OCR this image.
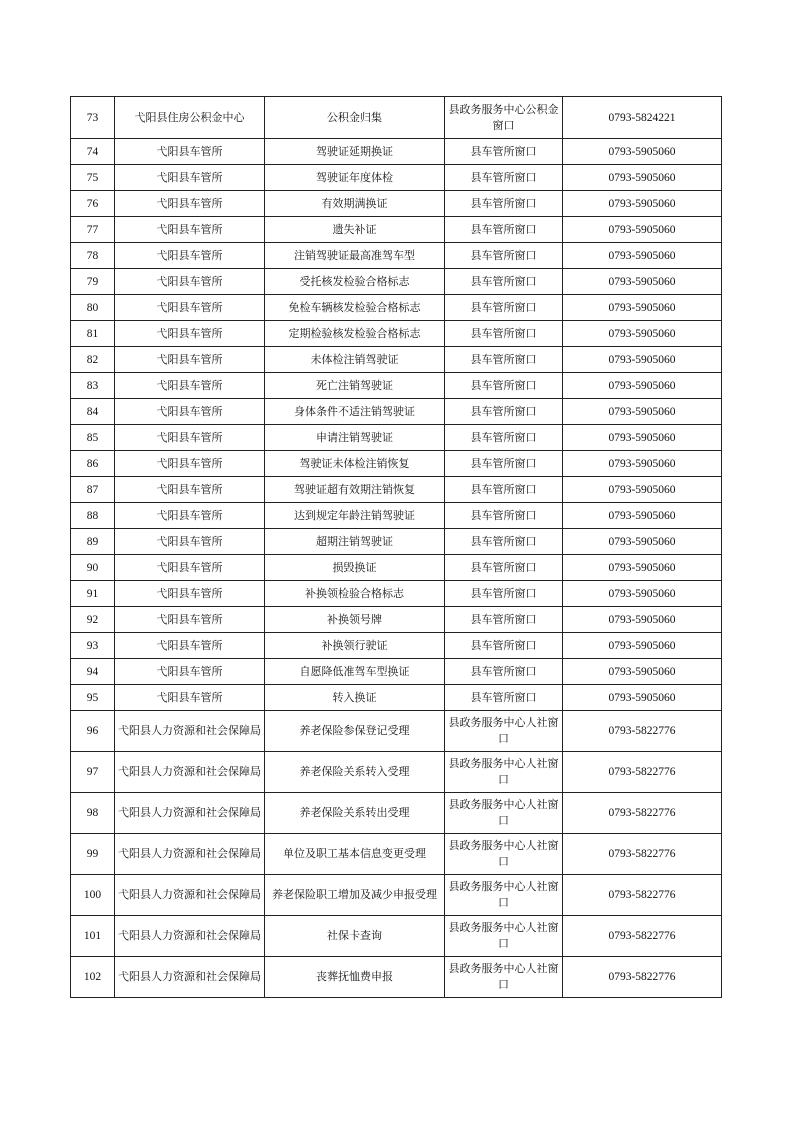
73	弋阳县住房公积金中心	公积金归集	县政务服务中心公积金窗口	0793-5824221
74	弋阳县车管所	驾驶证延期换证	县车管所窗口	0793-5905060
75	弋阳县车管所	驾驶证年度体检	县车管所窗口	0793-5905060
76	弋阳县车管所	有效期满换证	县车管所窗口	0793-5905060
77	弋阳县车管所	遗失补证	县车管所窗口	0793-5905060
78	弋阳县车管所	注销驾驶证最高准驾车型	县车管所窗口	0793-5905060
79	弋阳县车管所	受托核发检验合格标志	县车管所窗口	0793-5905060
80	弋阳县车管所	免检车辆核发检验合格标志	县车管所窗口	0793-5905060
81	弋阳县车管所	定期检验核发检验合格标志	县车管所窗口	0793-5905060
82	弋阳县车管所	未体检注销驾驶证	县车管所窗口	0793-5905060
83	弋阳县车管所	死亡注销驾驶证	县车管所窗口	0793-5905060
84	弋阳县车管所	身体条件不适注销驾驶证	县车管所窗口	0793-5905060
85	弋阳县车管所	申请注销驾驶证	县车管所窗口	0793-5905060
86	弋阳县车管所	驾驶证未体检注销恢复	县车管所窗口	0793-5905060
87	弋阳县车管所	驾驶证超有效期注销恢复	县车管所窗口	0793-5905060
88	弋阳县车管所	达到规定年龄注销驾驶证	县车管所窗口	0793-5905060
89	弋阳县车管所	超期注销驾驶证	县车管所窗口	0793-5905060
90	弋阳县车管所	损毁换证	县车管所窗口	0793-5905060
91	弋阳县车管所	补换领检验合格标志	县车管所窗口	0793-5905060
92	弋阳县车管所	补换领号牌	县车管所窗口	0793-5905060
93	弋阳县车管所	补换领行驶证	县车管所窗口	0793-5905060
94	弋阳县车管所	自愿降低准驾车型换证	县车管所窗口	0793-5905060
95	弋阳县车管所	转入换证	县车管所窗口	0793-5905060
96	弋阳县人力资源和社会保障局	养老保险参保登记受理	县政务服务中心人社窗口	0793-5822776
97	弋阳县人力资源和社会保障局	养老保险关系转入受理	县政务服务中心人社窗口	0793-5822776
98	弋阳县人力资源和社会保障局	养老保险关系转出受理	县政务服务中心人社窗口	0793-5822776
99	弋阳县人力资源和社会保障局	单位及职工基本信息变更受理	县政务服务中心人社窗口	0793-5822776
100	弋阳县人力资源和社会保障局	养老保险职工增加及减少申报受理	县政务服务中心人社窗口	0793-5822776
101	弋阳县人力资源和社会保障局	社保卡查询	县政务服务中心人社窗口	0793-5822776
102	弋阳县人力资源和社会保障局	丧葬抚恤费申报	县政务服务中心人社窗口	0793-5822776
